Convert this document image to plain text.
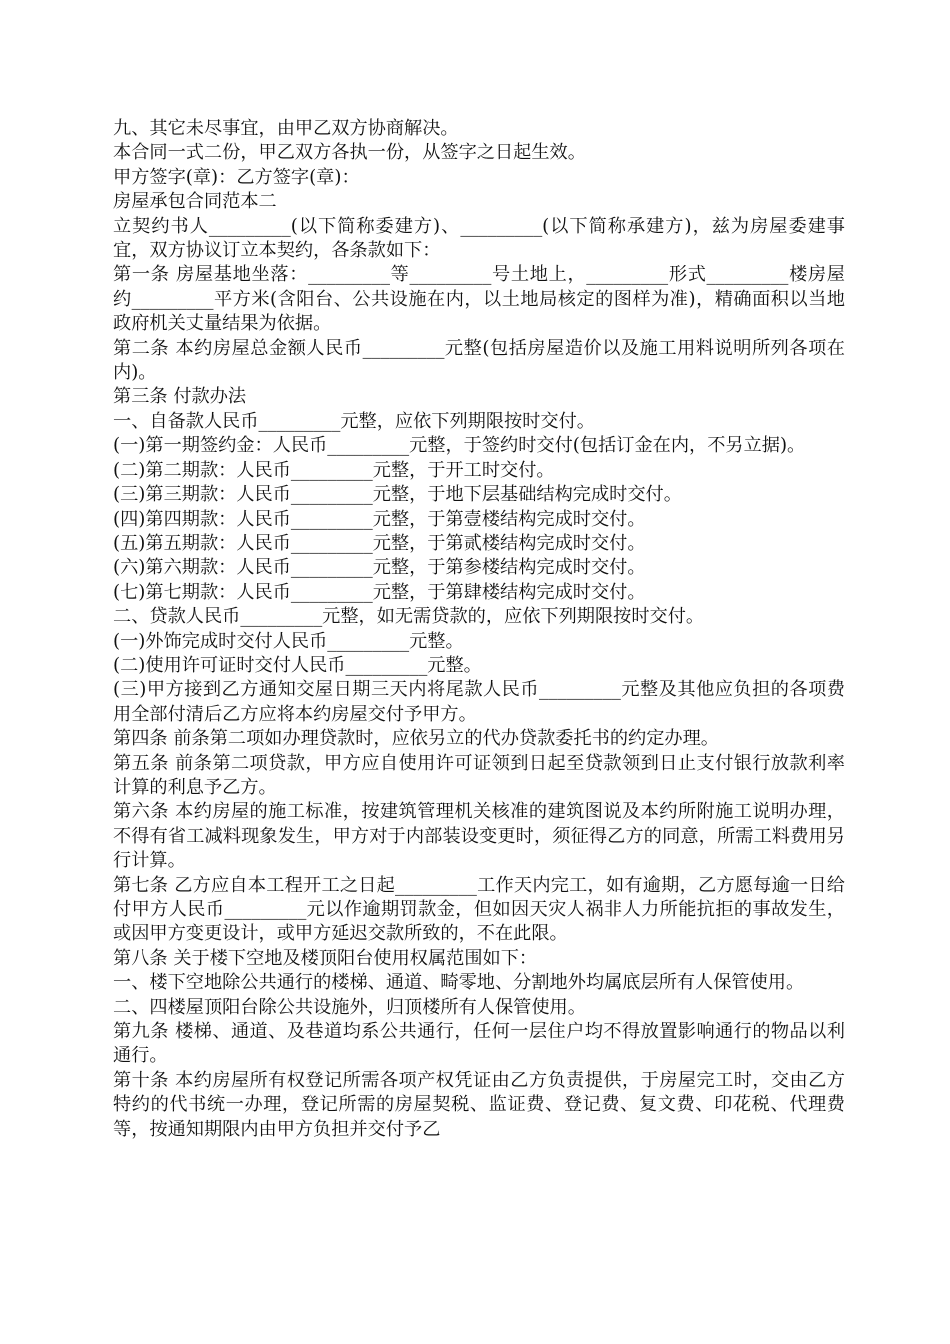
九、其它未尽事宜，由甲乙双方协商解决。

本合同一式二份，甲乙双方各执一份，从签字之日起生效。

甲方签字(章)：乙方签字(章)：

房屋承包合同范本二

立契约书人_________(以下简称委建方)、_________(以下简称承建方)，兹为房屋委建事宜，双方协议订立本契约，各条款如下：

第一条 房屋基地坐落：_________等_________号土地上，_________形式_________楼房屋约_________平方米(含阳台、公共设施在内，以土地局核定的图样为准)，精确面积以当地政府机关丈量结果为依据。

第二条 本约房屋总金额人民币_________元整(包括房屋造价以及施工用料说明所列各项在内)。

第三条 付款办法

一、自备款人民币_________元整，应依下列期限按时交付。

(一)第一期签约金：人民币_________元整，于签约时交付(包括订金在内，不另立据)。

(二)第二期款：人民币_________元整，于开工时交付。

(三)第三期款：人民币_________元整，于地下层基础结构完成时交付。

(四)第四期款：人民币_________元整，于第壹楼结构完成时交付。

(五)第五期款：人民币_________元整，于第贰楼结构完成时交付。

(六)第六期款：人民币_________元整，于第参楼结构完成时交付。

(七)第七期款：人民币_________元整，于第肆楼结构完成时交付。

二、贷款人民币_________元整，如无需贷款的，应依下列期限按时交付。

(一)外饰完成时交付人民币_________元整。

(二)使用许可证时交付人民币_________元整。

(三)甲方接到乙方通知交屋日期三天内将尾款人民币_________元整及其他应负担的各项费用全部付清后乙方应将本约房屋交付予甲方。

第四条 前条第二项如办理贷款时，应依另立的代办贷款委托书的约定办理。

第五条 前条第二项贷款，甲方应自使用许可证领到日起至贷款领到日止支付银行放款利率计算的利息予乙方。

第六条 本约房屋的施工标准，按建筑管理机关核准的建筑图说及本约所附施工说明办理，不得有省工减料现象发生，甲方对于内部装设变更时，须征得乙方的同意，所需工料费用另行计算。

第七条 乙方应自本工程开工之日起_________工作天内完工，如有逾期，乙方愿每逾一日给付甲方人民币_________元以作逾期罚款金，但如因天灾人祸非人力所能抗拒的事故发生，或因甲方变更设计，或甲方延迟交款所致的，不在此限。

第八条 关于楼下空地及楼顶阳台使用权属范围如下：

一、楼下空地除公共通行的楼梯、通道、畸零地、分割地外均属底层所有人保管使用。

二、四楼屋顶阳台除公共设施外，归顶楼所有人保管使用。

第九条 楼梯、通道、及巷道均系公共通行，任何一层住户均不得放置影响通行的物品以利通行。

第十条 本约房屋所有权登记所需各项产权凭证由乙方负责提供，于房屋完工时，交由乙方特约的代书统一办理，登记所需的房屋契税、监证费、登记费、复文费、印花税、代理费等，按通知期限内由甲方负担并交付予乙
